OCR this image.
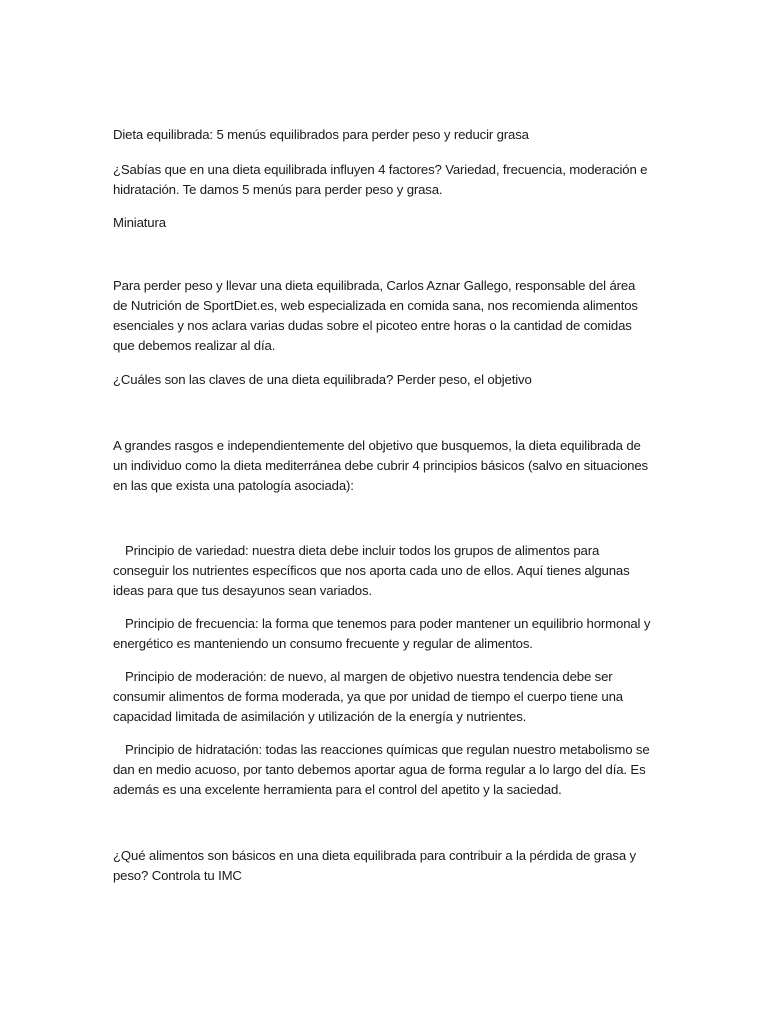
Dieta equilibrada: 5 menús equilibrados para perder peso y reducir grasa

¿Sabías que en una dieta equilibrada influyen 4 factores? Variedad, frecuencia, moderación e hidratación. Te damos 5 menús para perder peso y grasa.

Miniatura

Para perder peso y llevar una dieta equilibrada, Carlos Aznar Gallego, responsable del área de Nutrición de SportDiet.es, web especializada en comida sana, nos recomienda alimentos esenciales y nos aclara varias dudas sobre el picoteo entre horas o la cantidad de comidas que debemos realizar al día.

¿Cuáles son las claves de una dieta equilibrada? Perder peso, el objetivo

A grandes rasgos e independientemente del objetivo que busquemos, la dieta equilibrada de un individuo como la dieta mediterránea debe cubrir 4 principios básicos (salvo en situaciones en las que exista una patología asociada):

Principio de variedad: nuestra dieta debe incluir todos los grupos de alimentos para conseguir los nutrientes específicos que nos aporta cada uno de ellos. Aquí tienes algunas ideas para que tus desayunos sean variados.

Principio de frecuencia: la forma que tenemos para poder mantener un equilibrio hormonal y energético es manteniendo un consumo frecuente y regular de alimentos.

Principio de moderación: de nuevo, al margen de objetivo nuestra tendencia debe ser consumir alimentos de forma moderada, ya que por unidad de tiempo el cuerpo tiene una capacidad limitada de asimilación y utilización de la energía y nutrientes.

Principio de hidratación: todas las reacciones químicas que regulan nuestro metabolismo se dan en medio acuoso, por tanto debemos aportar agua de forma regular a lo largo del día. Es además es una excelente herramienta para el control del apetito y la saciedad.

¿Qué alimentos son básicos en una dieta equilibrada para contribuir a la pérdida de grasa y peso? Controla tu IMC
